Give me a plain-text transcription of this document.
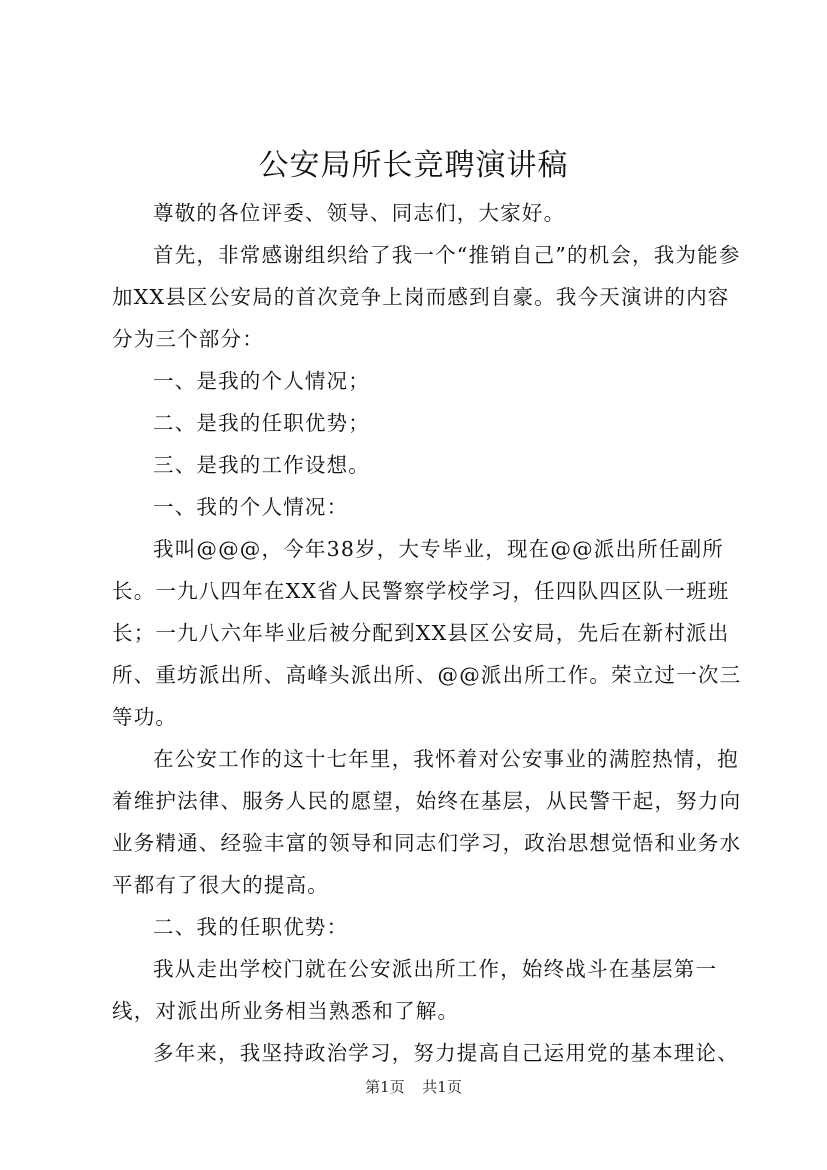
公安局所长竞聘演讲稿

尊敬的各位评委、领导、同志们，大家好。

首先，非常感谢组织给了我一个“推销自己”的机会，我为能参加XX县区公安局的首次竞争上岗而感到自豪。我今天演讲的内容分为三个部分：

一、是我的个人情况；

二、是我的任职优势；

三、是我的工作设想。

一、我的个人情况：

我叫@@@，今年38岁，大专毕业，现在@@派出所任副所长。一九八四年在XX省人民警察学校学习，任四队四区队一班班长；一九八六年毕业后被分配到XX县区公安局，先后在新村派出所、重坊派出所、高峰头派出所、@@派出所工作。荣立过一次三等功。

在公安工作的这十七年里，我怀着对公安事业的满腔热情，抱着维护法律、服务人民的愿望，始终在基层，从民警干起，努力向业务精通、经验丰富的领导和同志们学习，政治思想觉悟和业务水平都有了很大的提高。

二、我的任职优势：

我从走出学校门就在公安派出所工作，始终战斗在基层第一线，对派出所业务相当熟悉和了解。

多年来，我坚持政治学习，努力提高自己运用党的基本理论、

第1页 共1页
